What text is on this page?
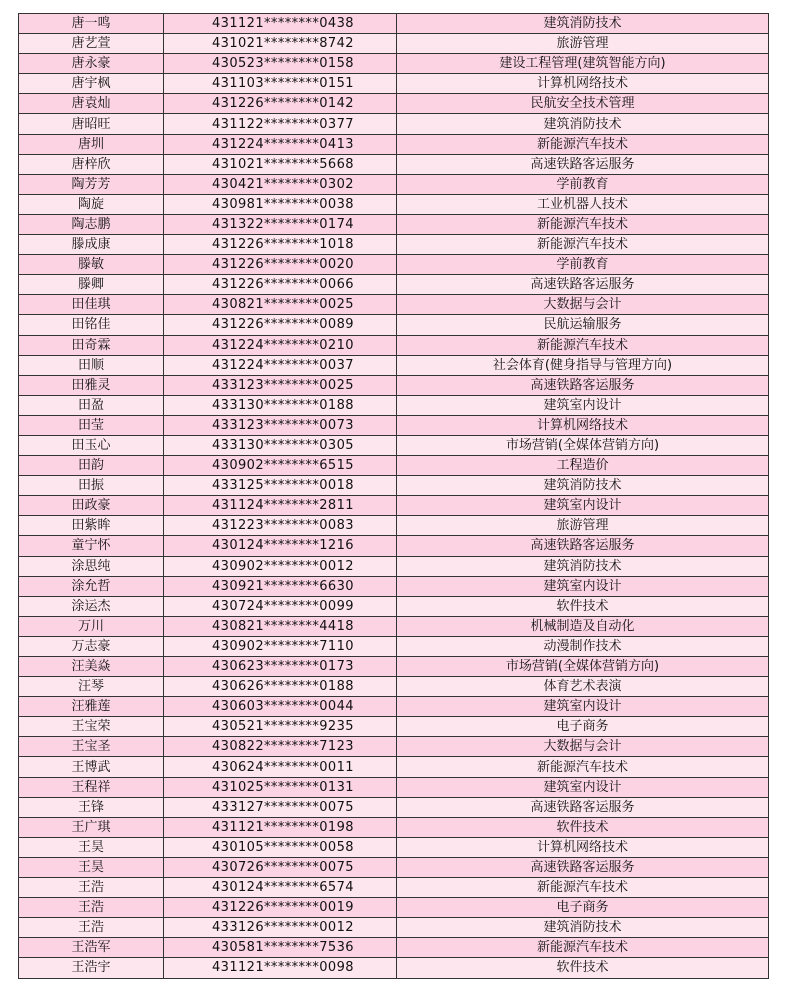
唐一鸣	431121********0438	建筑消防技术
唐艺萱	431021********8742	旅游管理
唐永豪	430523********0158	建设工程管理(建筑智能方向)
唐宇枫	431103********0151	计算机网络技术
唐袁灿	431226********0142	民航安全技术管理
唐昭旺	431122********0377	建筑消防技术
唐圳	431224********0413	新能源汽车技术
唐梓欣	431021********5668	高速铁路客运服务
陶芳芳	430421********0302	学前教育
陶旋	430981********0038	工业机器人技术
陶志鹏	431322********0174	新能源汽车技术
滕成康	431226********1018	新能源汽车技术
滕敏	431226********0020	学前教育
滕卿	431226********0066	高速铁路客运服务
田佳琪	430821********0025	大数据与会计
田铭佳	431226********0089	民航运输服务
田奇霖	431224********0210	新能源汽车技术
田顺	431224********0037	社会体育(健身指导与管理方向)
田雅灵	433123********0025	高速铁路客运服务
田盈	433130********0188	建筑室内设计
田莹	433123********0073	计算机网络技术
田玉心	433130********0305	市场营销(全媒体营销方向)
田韵	430902********6515	工程造价
田振	433125********0018	建筑消防技术
田政豪	431124********2811	建筑室内设计
田紫眸	431223********0083	旅游管理
童宁怀	430124********1216	高速铁路客运服务
涂思纯	430902********0012	建筑消防技术
涂允哲	430921********6630	建筑室内设计
涂运杰	430724********0099	软件技术
万川	430821********4418	机械制造及自动化
万志豪	430902********7110	动漫制作技术
汪美焱	430623********0173	市场营销(全媒体营销方向)
汪琴	430626********0188	体育艺术表演
汪雅莲	430603********0044	建筑室内设计
王宝荣	430521********9235	电子商务
王宝圣	430822********7123	大数据与会计
王博武	430624********0011	新能源汽车技术
王程祥	431025********0131	建筑室内设计
王锋	433127********0075	高速铁路客运服务
王广琪	431121********0198	软件技术
王昊	430105********0058	计算机网络技术
王昊	430726********0075	高速铁路客运服务
王浩	430124********6574	新能源汽车技术
王浩	431226********0019	电子商务
王浩	433126********0012	建筑消防技术
王浩军	430581********7536	新能源汽车技术
王浩宇	431121********0098	软件技术
